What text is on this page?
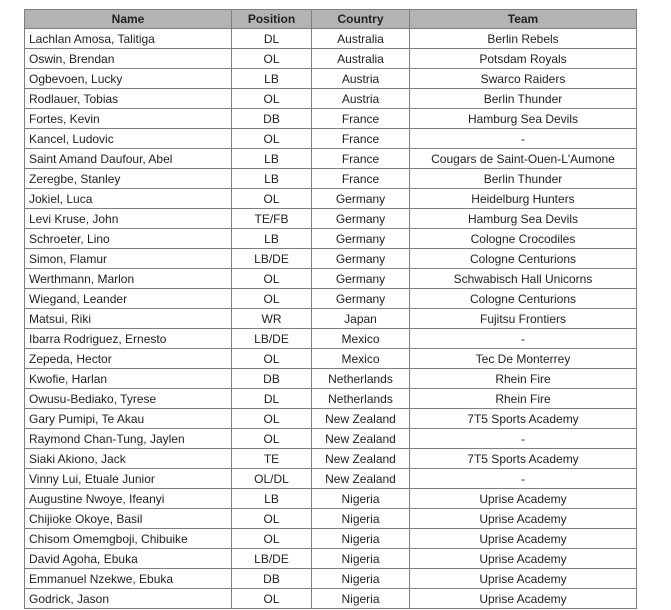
Name	Position	Country	Team
Lachlan Amosa, Talitiga	DL	Australia	Berlin Rebels
Oswin, Brendan	OL	Australia	Potsdam Royals
Ogbevoen, Lucky	LB	Austria	Swarco Raiders
Rodlauer, Tobias	OL	Austria	Berlin Thunder
Fortes, Kevin	DB	France	Hamburg Sea Devils
Kancel, Ludovic	OL	France	-
Saint Amand Daufour, Abel	LB	France	Cougars de Saint-Ouen-L'Aumone
Zeregbe, Stanley	LB	France	Berlin Thunder
Jokiel, Luca	OL	Germany	Heidelburg Hunters
Levi Kruse, John	TE/FB	Germany	Hamburg Sea Devils
Schroeter, Lino	LB	Germany	Cologne Crocodiles
Simon, Flamur	LB/DE	Germany	Cologne Centurions
Werthmann, Marlon	OL	Germany	Schwabisch Hall Unicorns
Wiegand, Leander	OL	Germany	Cologne Centurions
Matsui, Riki	WR	Japan	Fujitsu Frontiers
Ibarra Rodriguez, Ernesto	LB/DE	Mexico	-
Zepeda, Hector	OL	Mexico	Tec De Monterrey
Kwofie, Harlan	DB	Netherlands	Rhein Fire
Owusu-Bediako, Tyrese	DL	Netherlands	Rhein Fire
Gary Pumipi, Te Akau	OL	New Zealand	7T5 Sports Academy
Raymond Chan-Tung, Jaylen	OL	New Zealand	-
Siaki Akiono, Jack	TE	New Zealand	7T5 Sports Academy
Vinny Lui, Etuale Junior	OL/DL	New Zealand	-
Augustine Nwoye, Ifeanyi	LB	Nigeria	Uprise Academy
Chijioke Okoye, Basil	OL	Nigeria	Uprise Academy
Chisom Omemgboji, Chibuike	OL	Nigeria	Uprise Academy
David Agoha, Ebuka	LB/DE	Nigeria	Uprise Academy
Emmanuel Nzekwe, Ebuka	DB	Nigeria	Uprise Academy
Godrick, Jason	OL	Nigeria	Uprise Academy
